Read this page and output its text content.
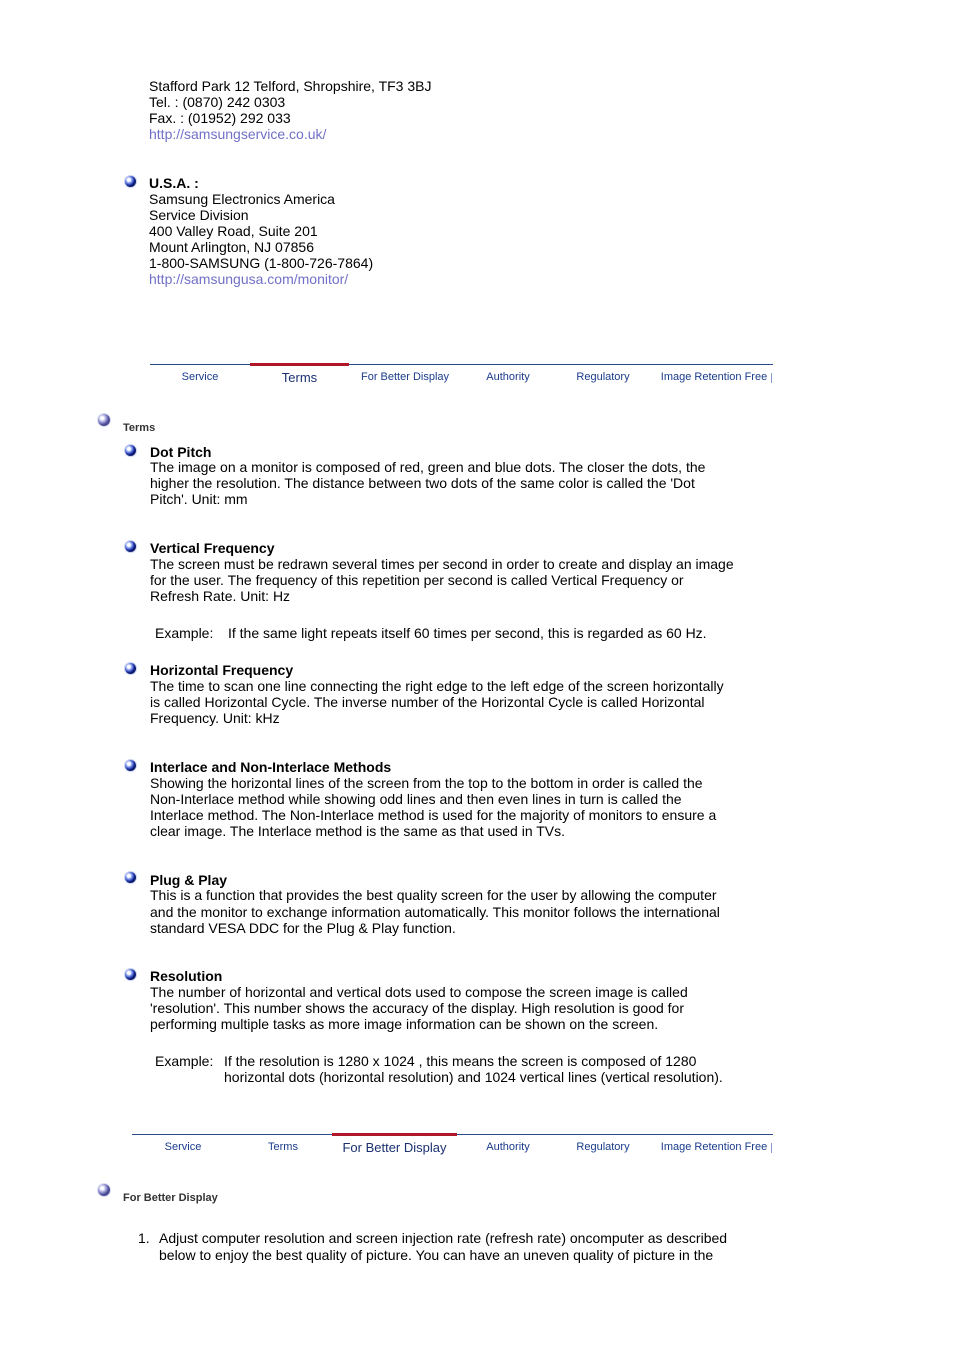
Stafford Park 12 Telford, Shropshire, TF3 3BJ
Tel. : (0870) 242 0303
Fax. : (01952) 292 033
http://samsungservice.co.uk/
U.S.A. :
Samsung Electronics America
Service Division
400 Valley Road, Suite 201
Mount Arlington, NJ 07856
1-800-SAMSUNG (1-800-726-7864)
http://samsungusa.com/monitor/
Service	Terms	For Better Display	Authority	Regulatory	Image Retention Free
Terms
Dot Pitch
The image on a monitor is composed of red, green and blue dots. The closer the dots, the
higher the resolution. The distance between two dots of the same color is called the 'Dot
Pitch'. Unit: mm
Vertical Frequency
The screen must be redrawn several times per second in order to create and display an image
for the user. The frequency of this repetition per second is called Vertical Frequency or
Refresh Rate. Unit: Hz
Example: If the same light repeats itself 60 times per second, this is regarded as 60 Hz.
Horizontal Frequency
The time to scan one line connecting the right edge to the left edge of the screen horizontally
is called Horizontal Cycle. The inverse number of the Horizontal Cycle is called Horizontal
Frequency. Unit: kHz
Interlace and Non-Interlace Methods
Showing the horizontal lines of the screen from the top to the bottom in order is called the
Non-Interlace method while showing odd lines and then even lines in turn is called the
Interlace method. The Non-Interlace method is used for the majority of monitors to ensure a
clear image. The Interlace method is the same as that used in TVs.
Plug & Play
This is a function that provides the best quality screen for the user by allowing the computer
and the monitor to exchange information automatically. This monitor follows the international
standard VESA DDC for the Plug & Play function.
Resolution
The number of horizontal and vertical dots used to compose the screen image is called
'resolution'. This number shows the accuracy of the display. High resolution is good for
performing multiple tasks as more image information can be shown on the screen.
Example: If the resolution is 1280 x 1024 , this means the screen is composed of 1280
horizontal dots (horizontal resolution) and 1024 vertical lines (vertical resolution).
Service	Terms	For Better Display	Authority	Regulatory	Image Retention Free
For Better Display
1. Adjust computer resolution and screen injection rate (refresh rate) oncomputer as described
below to enjoy the best quality of picture. You can have an uneven quality of picture in the
